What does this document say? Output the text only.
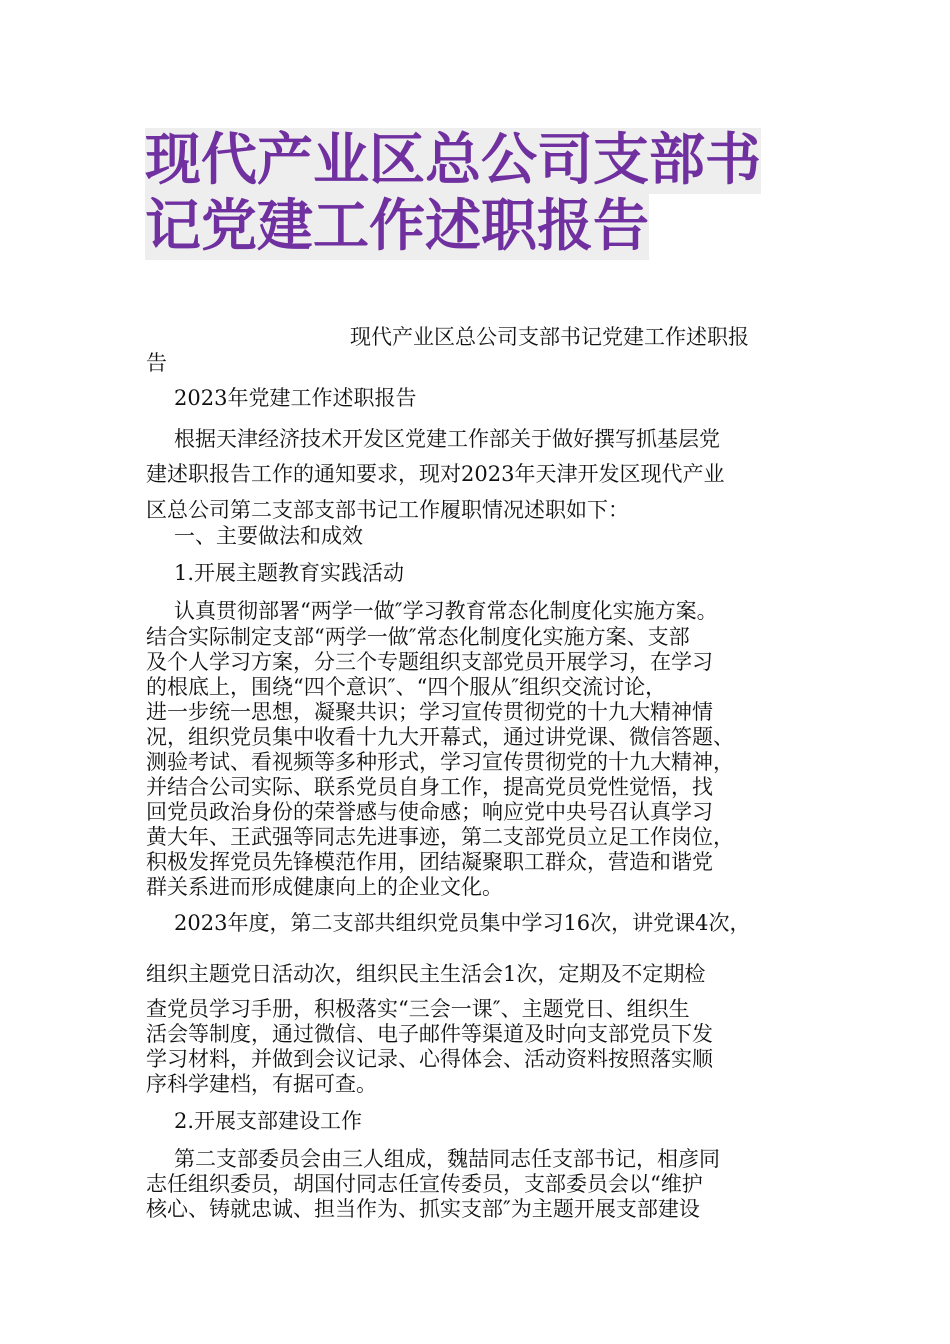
现代产业区总公司支部书
记党建工作述职报告
现代产业区总公司支部书记党建工作述职报
告
2023年党建工作述职报告
根据天津经济技术开发区党建工作部关于做好撰写抓基层党
建述职报告工作的通知要求，现对2023年天津开发区现代产业
区总公司第二支部支部书记工作履职情况述职如下：
一、主要做法和成效
1.开展主题教育实践活动
认真贯彻部署“两学一做″学习教育常态化制度化实施方案。
结合实际制定支部“两学一做″常态化制度化实施方案、支部
及个人学习方案，分三个专题组织支部党员开展学习，在学习
的根底上，围绕“四个意识″、“四个服从″组织交流讨论，
进一步统一思想，凝聚共识；学习宣传贯彻党的十九大精神情
况，组织党员集中收看十九大开幕式，通过讲党课、微信答题、
测验考试、看视频等多种形式，学习宣传贯彻党的十九大精神，
并结合公司实际、联系党员自身工作，提高党员党性觉悟，找
回党员政治身份的荣誉感与使命感；响应党中央号召认真学习
黄大年、王武强等同志先进事迹，第二支部党员立足工作岗位，
积极发挥党员先锋模范作用，团结凝聚职工群众，营造和谐党
群关系进而形成健康向上的企业文化。
2023年度，第二支部共组织党员集中学习16次，讲党课4次，
组织主题党日活动次，组织民主生活会1次，定期及不定期检
查党员学习手册，积极落实“三会一课″、主题党日、组织生
活会等制度，通过微信、电子邮件等渠道及时向支部党员下发
学习材料，并做到会议记录、心得体会、活动资料按照落实顺
序科学建档，有据可查。
2.开展支部建设工作
第二支部委员会由三人组成，魏喆同志任支部书记，相彦同
志任组织委员，胡国付同志任宣传委员，支部委员会以“维护
核心、铸就忠诚、担当作为、抓实支部″为主题开展支部建设
